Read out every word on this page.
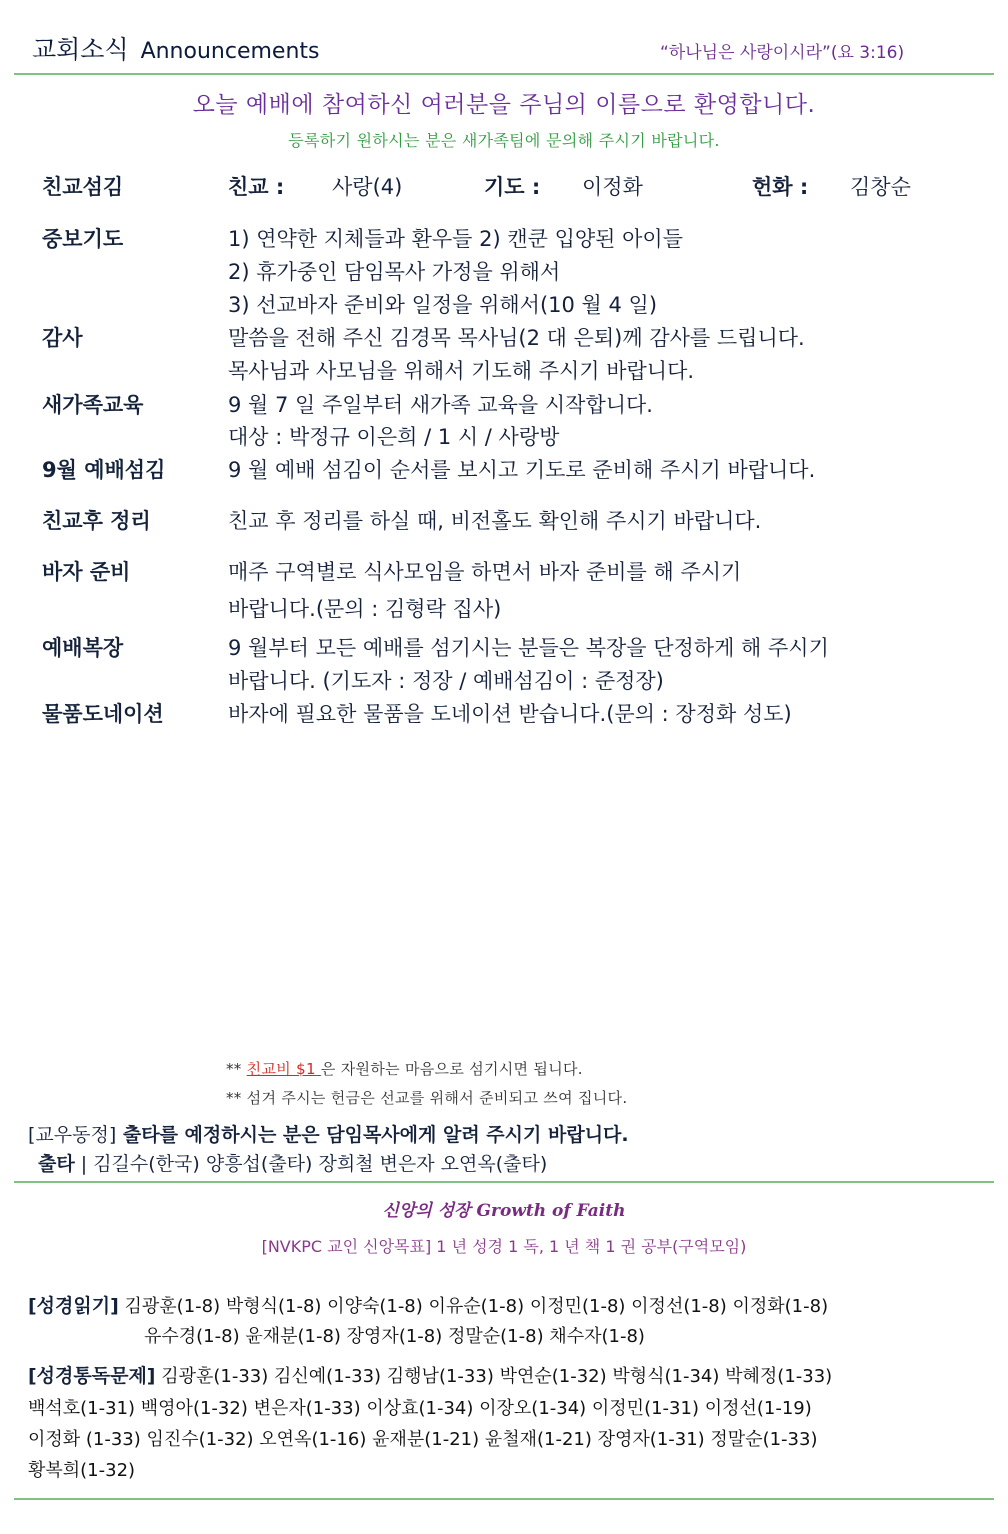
교회소식 Announcements	“하나님은 사랑이시라”(요 3:16)
오늘 예배에 참여하신 여러분을 주님의 이름으로 환영합니다.
등록하기 원하시는 분은 새가족팀에 문의해 주시기 바랍니다.
친교섬김	친교 : 사랑(4)	기도 : 이정화	헌화 : 김창순
중보기도	1) 연약한 지체들과 환우들 2) 캔쿤 입양된 아이들
2) 휴가중인 담임목사 가정을 위해서
3) 선교바자 준비와 일정을 위해서(10 월 4 일)
감사	말씀을 전해 주신 김경목 목사님(2 대 은퇴)께 감사를 드립니다.
목사님과 사모님을 위해서 기도해 주시기 바랍니다.
새가족교육	9 월 7 일 주일부터 새가족 교육을 시작합니다.
대상 : 박정규 이은희 / 1 시 / 사랑방
9월 예배섬김	9 월 예배 섬김이 순서를 보시고 기도로 준비해 주시기 바랍니다.
친교후 정리	친교 후 정리를 하실 때, 비전홀도 확인해 주시기 바랍니다.
바자 준비	매주 구역별로 식사모임을 하면서 바자 준비를 해 주시기
바랍니다.(문의 : 김형락 집사)
예배복장	9 월부터 모든 예배를 섬기시는 분들은 복장을 단정하게 해 주시기
바랍니다. (기도자 : 정장 / 예배섬김이 : 준정장)
물품도네이션	바자에 필요한 물품을 도네이션 받습니다.(문의 : 장정화 성도)
** 친교비 $1 은 자원하는 마음으로 섬기시면 됩니다.
** 섬겨 주시는 헌금은 선교를 위해서 준비되고 쓰여 집니다.
[교우동정] 출타를 예정하시는 분은 담임목사에게 알려 주시기 바랍니다.
출타 | 김길수(한국) 양흥섭(출타) 장희철 변은자 오연옥(출타)
신앙의 성장 Growth of Faith
[NVKPC 교인 신앙목표] 1 년 성경 1 독, 1 년 책 1 권 공부(구역모임)
[성경읽기] 김광훈(1-8) 박형식(1-8) 이양숙(1-8) 이유순(1-8) 이정민(1-8) 이정선(1-8) 이정화(1-8)
유수경(1-8) 윤재분(1-8) 장영자(1-8) 정말순(1-8) 채수자(1-8)
[성경통독문제] 김광훈(1-33) 김신예(1-33) 김행남(1-33) 박연순(1-32) 박형식(1-34) 박혜정(1-33)
백석호(1-31) 백영아(1-32) 변은자(1-33) 이상효(1-34) 이장오(1-34) 이정민(1-31) 이정선(1-19)
이정화 (1-33) 임진수(1-32) 오연옥(1-16) 윤재분(1-21) 윤철재(1-21) 장영자(1-31) 정말순(1-33)
황복희(1-32)
